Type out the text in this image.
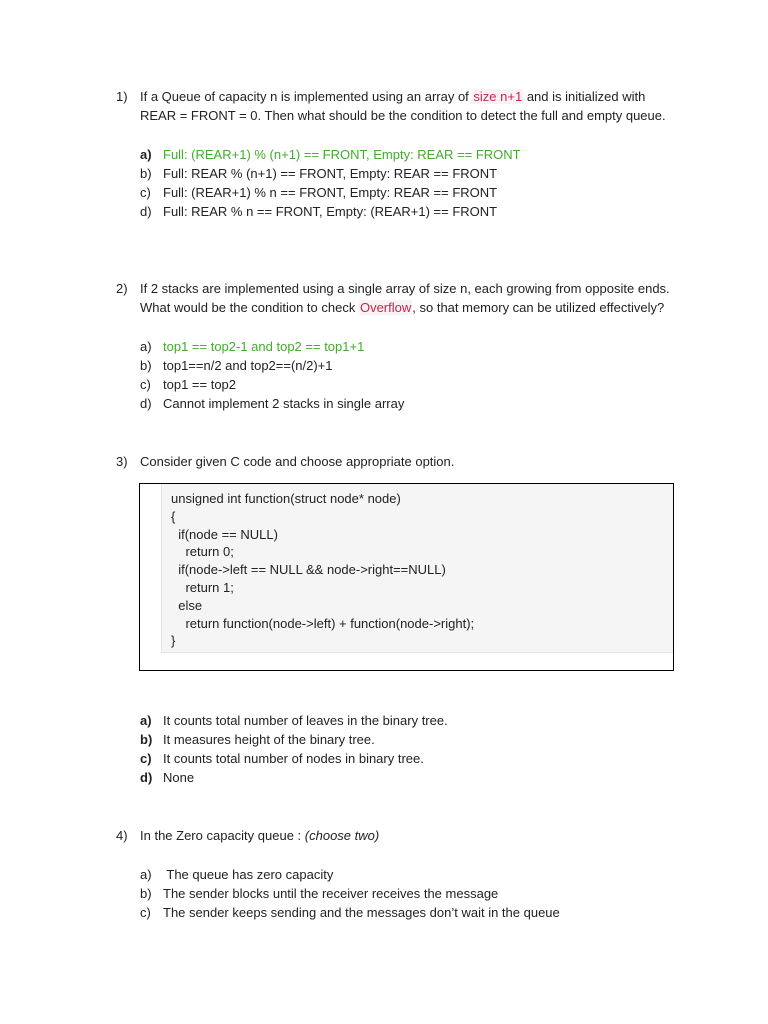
1) If a Queue of capacity n is implemented using an array of size n+1 and is initialized with REAR = FRONT = 0. Then what should be the condition to detect the full and empty queue.
a) Full: (REAR+1) % (n+1) == FRONT, Empty: REAR == FRONT
b) Full: REAR % (n+1) == FRONT, Empty: REAR == FRONT
c) Full: (REAR+1) % n == FRONT, Empty: REAR == FRONT
d) Full: REAR % n == FRONT, Empty: (REAR+1) == FRONT
2) If 2 stacks are implemented using a single array of size n, each growing from opposite ends. What would be the condition to check Overflow, so that memory can be utilized effectively?
a) top1 == top2-1 and top2 == top1+1
b) top1==n/2 and top2==(n/2)+1
c) top1 == top2
d) Cannot implement 2 stacks in single array
3) Consider given C code and choose appropriate option.
unsigned int function(struct node* node)
{
if(node == NULL)
return 0;
if(node->left == NULL && node->right==NULL)
return 1;
else
return function(node->left) + function(node->right);
}
a) It counts total number of leaves in the binary tree.
b) It measures height of the binary tree.
c) It counts total number of nodes in binary tree.
d) None
4) In the Zero capacity queue : (choose two)
a) The queue has zero capacity
b) The sender blocks until the receiver receives the message
c) The sender keeps sending and the messages don’t wait in the queue
